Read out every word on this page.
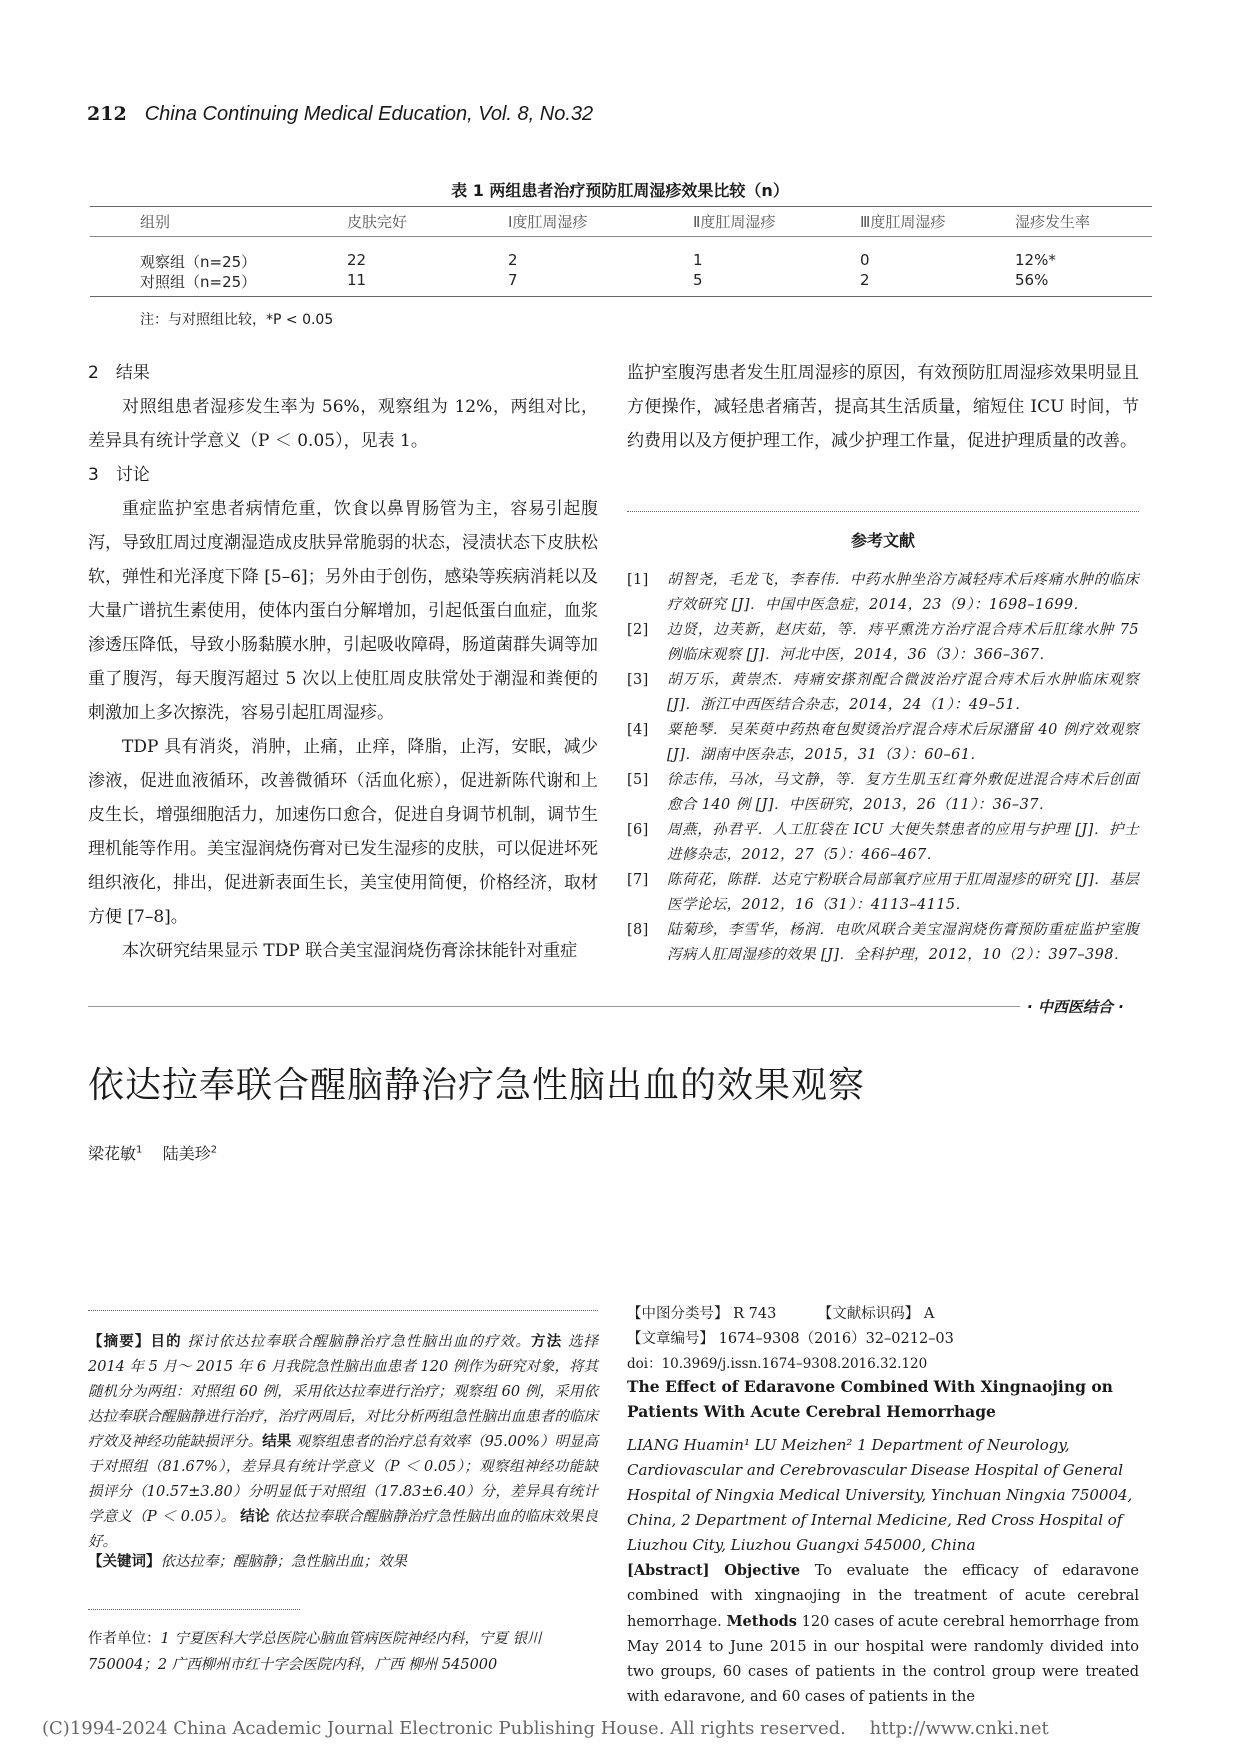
212 China Continuing Medical Education, Vol. 8, No.32
表 1 两组患者治疗预防肛周湿疹效果比较（n）
组别	皮肤完好	Ⅰ度肛周湿疹	Ⅱ度肛周湿疹	Ⅲ度肛周湿疹	湿疹发生率
观察组（n=25）	22	2	1	0	12%*
对照组（n=25）	11	7	5	2	56%
注：与对照组比较，*P < 0.05
2　结果

对照组患者湿疹发生率为 56%，观察组为 12%，两组对比，差异具有统计学意义（P ＜ 0.05），见表 1。

3　讨论

重症监护室患者病情危重，饮食以鼻胃肠管为主，容易引起腹泻，导致肛周过度潮湿造成皮肤异常脆弱的状态，浸渍状态下皮肤松软，弹性和光泽度下降 [5–6]；另外由于创伤，感染等疾病消耗以及大量广谱抗生素使用，使体内蛋白分解增加，引起低蛋白血症，血浆渗透压降低，导致小肠黏膜水肿，引起吸收障碍，肠道菌群失调等加重了腹泻，每天腹泻超过 5 次以上使肛周皮肤常处于潮湿和粪便的刺激加上多次擦洗，容易引起肛周湿疹。

TDP 具有消炎，消肿，止痛，止痒，降脂，止泻，安眠，减少渗液，促进血液循环，改善微循环（活血化瘀），促进新陈代谢和上皮生长，增强细胞活力，加速伤口愈合，促进自身调节机制，调节生理机能等作用。美宝湿润烧伤膏对已发生湿疹的皮肤，可以促进坏死组织液化，排出，促进新表面生长，美宝使用简便，价格经济，取材方便 [7–8]。

本次研究结果显示 TDP 联合美宝湿润烧伤膏涂抹能针对重症

监护室腹泻患者发生肛周湿疹的原因，有效预防肛周湿疹效果明显且方便操作，减轻患者痛苦，提高其生活质量，缩短住 ICU 时间，节约费用以及方便护理工作，减少护理工作量，促进护理质量的改善。

参考文献
[1]	胡智尧，毛龙飞，李春伟．中药水肿坐浴方减轻痔术后疼痛水肿的临床疗效研究 [J]．中国中医急症，2014，23（9）：1698–1699．
[2]	边贤，边芙新，赵庆茹，等．痔平熏洗方治疗混合痔术后肛缘水肿 75 例临床观察 [J]．河北中医，2014，36（3）：366–367．
[3]	胡万乐，黄崇杰．痔痛安搽剂配合微波治疗混合痔术后水肿临床观察 [J]．浙江中西医结合杂志，2014，24（1）：49–51．
[4]	粟艳琴．吴茱萸中药热奄包熨烫治疗混合痔术后尿潴留 40 例疗效观察 [J]．湖南中医杂志，2015，31（3）：60–61．
[5]	徐志伟，马冰，马文静，等．复方生肌玉红膏外敷促进混合痔术后创面愈合 140 例 [J]．中医研究，2013，26（11）：36–37．
[6]	周燕，孙君平．人工肛袋在 ICU 大便失禁患者的应用与护理 [J]．护士进修杂志，2012，27（5）：466–467．
[7]	陈荷花，陈群．达克宁粉联合局部氧疗应用于肛周湿疹的研究 [J]．基层医学论坛，2012，16（31）：4113–4115．
[8]	陆菊珍，李雪华，杨润．电吹风联合美宝湿润烧伤膏预防重症监护室腹泻病人肛周湿疹的效果 [J]．全科护理，2012，10（2）：397–398．
· 中西医结合 ·
依达拉奉联合醒脑静治疗急性脑出血的效果观察
梁花敏$^1$ 陆美珍$^2$
【摘要】目的 探讨依达拉奉联合醒脑静治疗急性脑出血的疗效。方法 选择 2014 年 5 月～ 2015 年 6 月我院急性脑出血患者 120 例作为研究对象，将其随机分为两组：对照组 60 例，采用依达拉奉进行治疗；观察组 60 例，采用依达拉奉联合醒脑静进行治疗，治疗两周后，对比分析两组急性脑出血患者的临床疗效及神经功能缺损评分。结果 观察组患者的治疗总有效率（95.00%）明显高于对照组（81.67%），差异具有统计学意义（P ＜ 0.05）；观察组神经功能缺损评分（10.57±3.80）分明显低于对照组（17.83±6.40）分，差异具有统计学意义（P ＜ 0.05）。 结论 依达拉奉联合醒脑静治疗急性脑出血的临床效果良好。
【关键词】依达拉奉；醒脑静；急性脑出血；效果
作者单位：1 宁夏医科大学总医院心脑血管病医院神经内科，宁夏 银川 750004；2 广西柳州市红十字会医院内科，广西 柳州 545000
【中图分类号】 R 743	【文献标识码】 A
【文章编号】 1674–9308（2016）32–0212–03
doi：10.3969/j.issn.1674–9308.2016.32.120
The Effect of Edaravone Combined With Xingnaojing on Patients With Acute Cerebral Hemorrhage
LIANG Huamin¹ LU Meizhen² 1 Department of Neurology, Cardiovascular and Cerebrovascular Disease Hospital of General Hospital of Ningxia Medical University, Yinchuan Ningxia 750004, China, 2 Department of Internal Medicine, Red Cross Hospital of Liuzhou City, Liuzhou Guangxi 545000, China
[Abstract] Objective To evaluate the efficacy of edaravone combined with xingnaojing in the treatment of acute cerebral hemorrhage. Methods 120 cases of acute cerebral hemorrhage from May 2014 to June 2015 in our hospital were randomly divided into two groups, 60 cases of patients in the control group were treated with edaravone, and 60 cases of patients in the
(C)1994-2024 China Academic Journal Electronic Publishing House. All rights reserved.　 http://www.cnki.net
